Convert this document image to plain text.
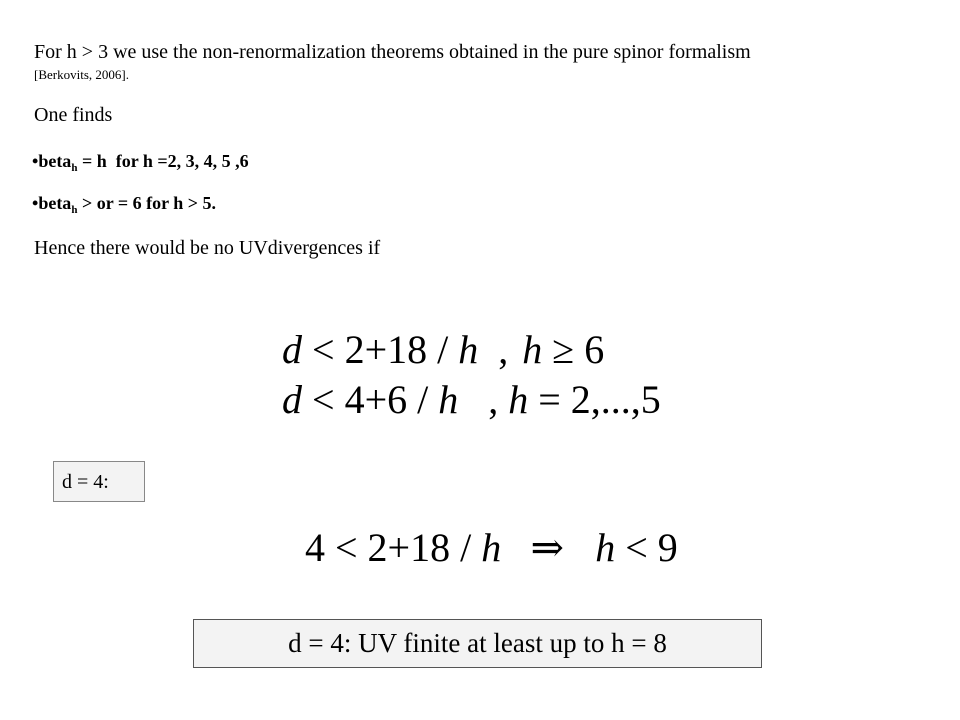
For h > 3 we use the non-renormalization theorems obtained in the pure spinor formalism
[Berkovits, 2006].
One finds
•beta$_h$ = h  for h =2, 3, 4, 5 ,6
•beta$_h$ > or = 6 for h > 5.
Hence there would be no UVdivergences if
d < 2+18 / h , h ≥ 6
d < 4+6 / h , h = 2,...,5
d = 4:
4 < 2+18 / h ⇒ h < 9
d = 4: UV finite at least up to h = 8
